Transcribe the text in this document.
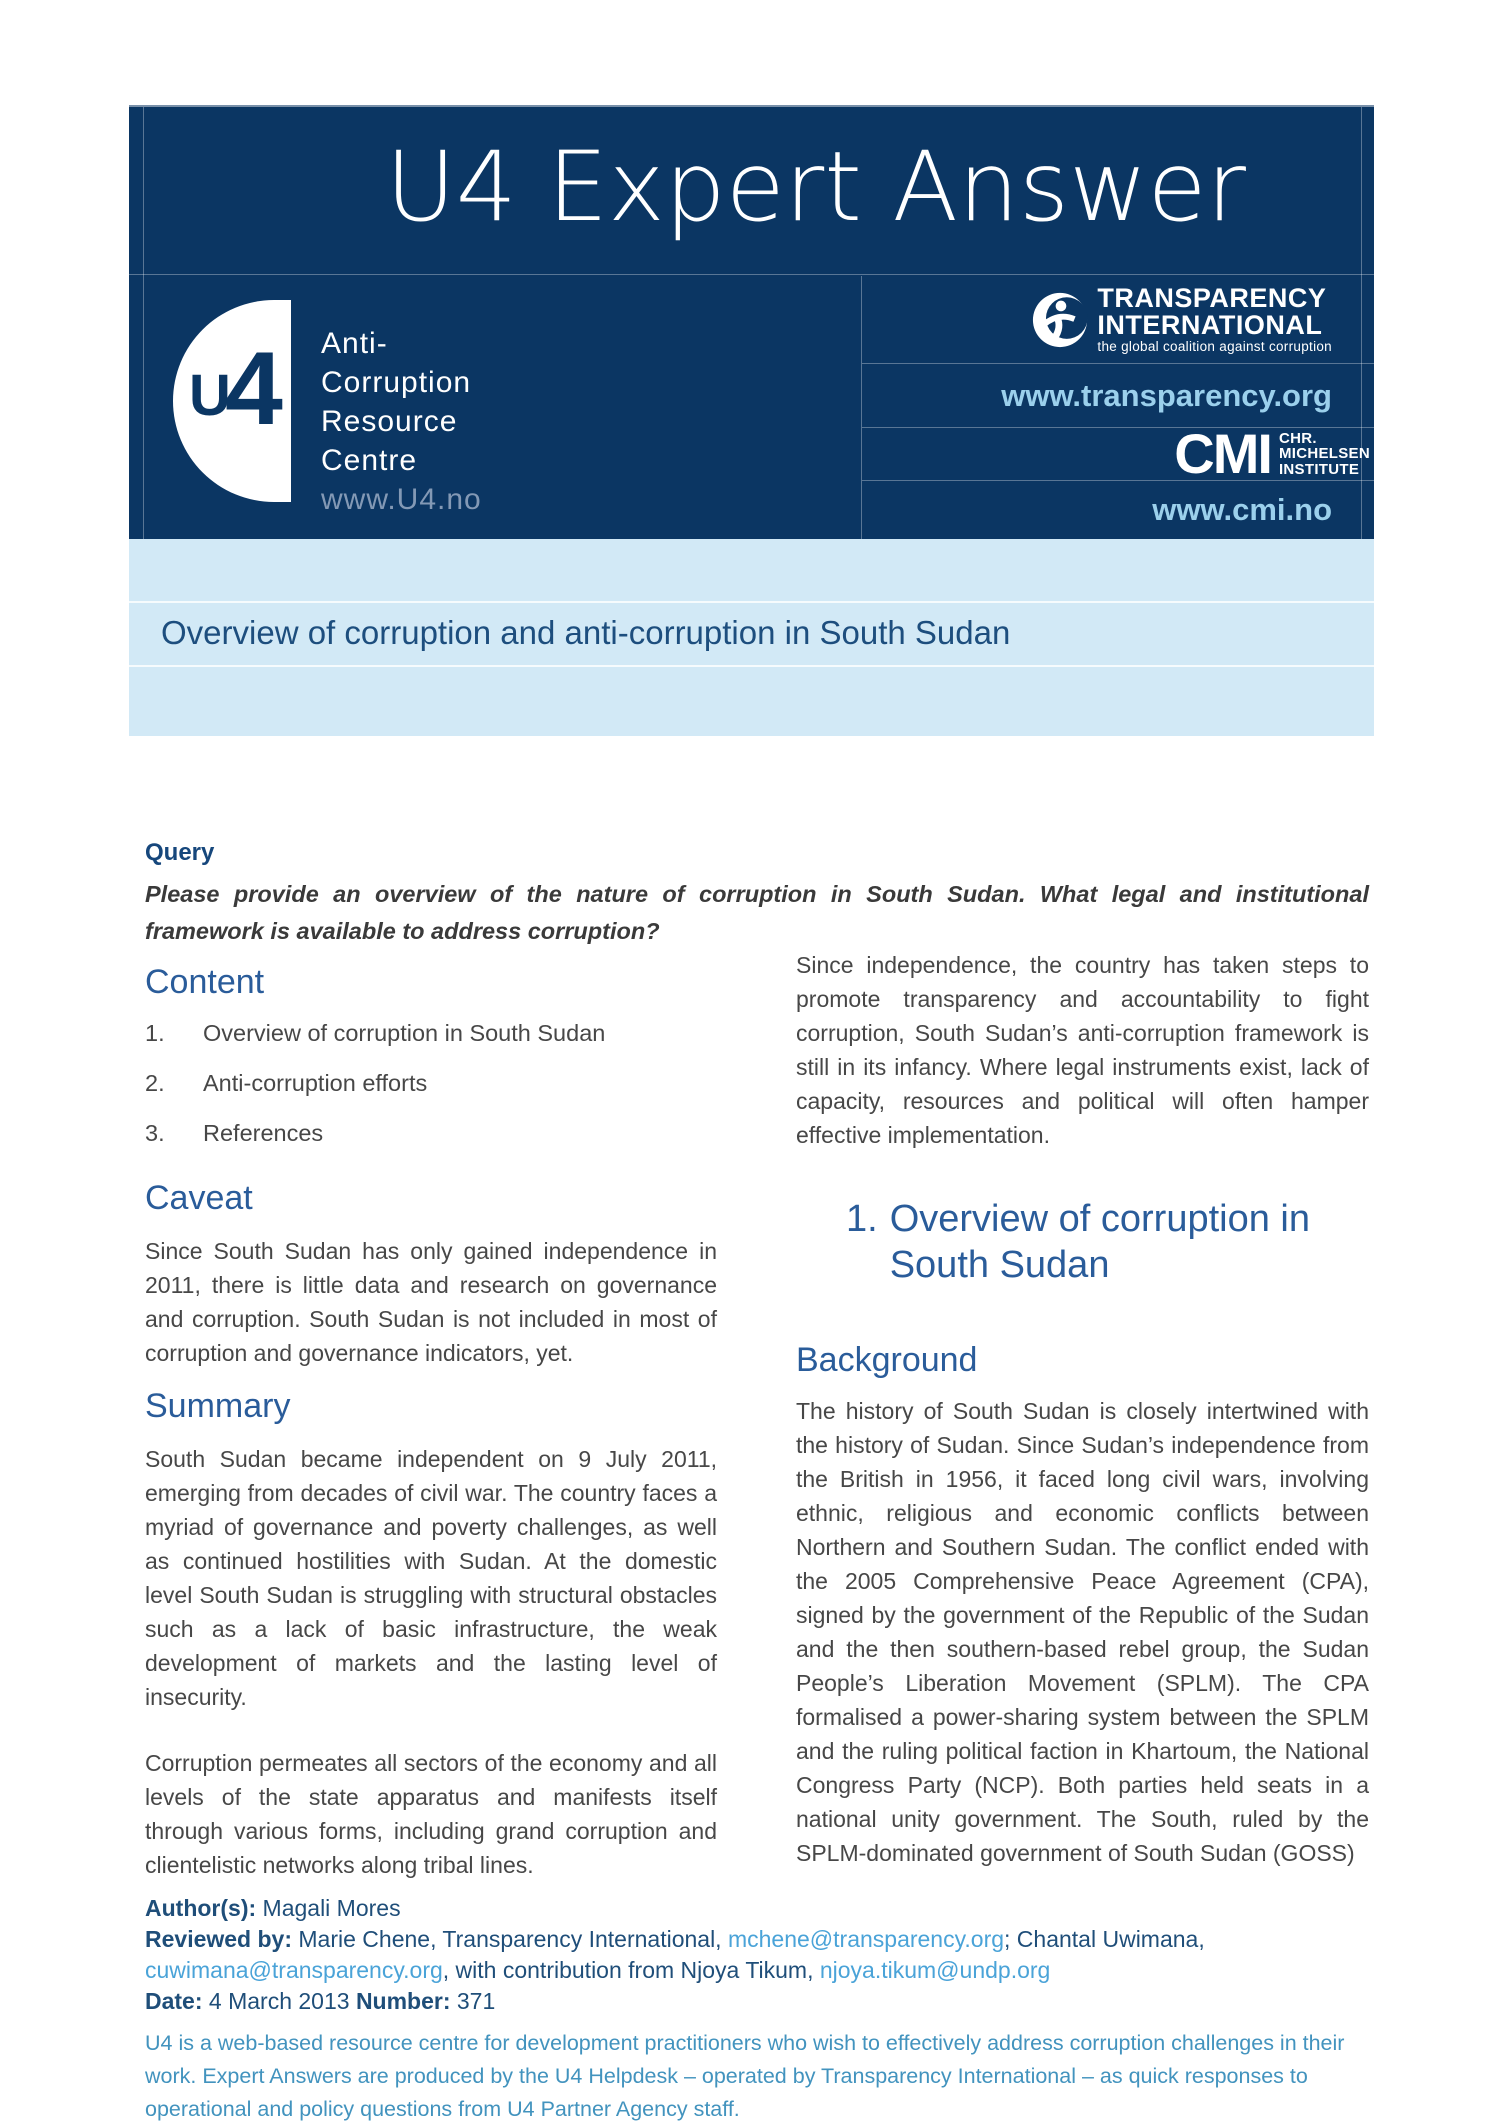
U4 Expert Answer
U
4 Anti-
Corruption
Resource
Centre
www.U4.no
TRANSPARENCY
INTERNATIONAL
the global coalition against corruption
www.transparency.org
CMI CHR.
MICHELSEN
INSTITUTE
www.cmi.no
Overview of corruption and anti-corruption in South Sudan
Query
Please provide an overview of the nature of corruption in South Sudan. What legal and institutional framework is available to address corruption?
Content
1.	Overview of corruption in South Sudan
2.	Anti-corruption efforts
3.	References
Caveat

Since South Sudan has only gained independence in 2011, there is little data and research on governance and corruption. South Sudan is not included in most of corruption and governance indicators, yet.

Summary

South Sudan became independent on 9 July 2011, emerging from decades of civil war. The country faces a myriad of governance and poverty challenges, as well as continued hostilities with Sudan. At the domestic level South Sudan is struggling with structural obstacles such as a lack of basic infrastructure, the weak development of markets and the lasting level of insecurity.

Corruption permeates all sectors of the economy and all levels of the state apparatus and manifests itself through various forms, including grand corruption and clientelistic networks along tribal lines.

Since independence, the country has taken steps to promote transparency and accountability to fight corruption, South Sudan’s anti-corruption framework is still in its infancy. Where legal instruments exist, lack of capacity, resources and political will often hamper effective implementation.

1. Overview of corruption in South Sudan
Background

The history of South Sudan is closely intertwined with the history of Sudan. Since Sudan’s independence from the British in 1956, it faced long civil wars, involving ethnic, religious and economic conflicts between Northern and Southern Sudan. The conflict ended with the 2005 Comprehensive Peace Agreement (CPA), signed by the government of the Republic of the Sudan and the then southern-based rebel group, the Sudan People’s Liberation Movement (SPLM). The CPA formalised a power-sharing system between the SPLM and the ruling political faction in Khartoum, the National Congress Party (NCP). Both parties held seats in a national unity government. The South, ruled by the SPLM-dominated government of South Sudan (GOSS)

Author(s): Magali Mores
Reviewed by: Marie Chene, Transparency International, mchene@transparency.org; Chantal Uwimana,
cuwimana@transparency.org, with contribution from Njoya Tikum, njoya.tikum@undp.org
Date: 4 March 2013 Number: 371
U4 is a web-based resource centre for development practitioners who wish to effectively address corruption challenges in their work. Expert Answers are produced by the U4 Helpdesk – operated by Transparency International – as quick responses to operational and policy questions from U4 Partner Agency staff.
